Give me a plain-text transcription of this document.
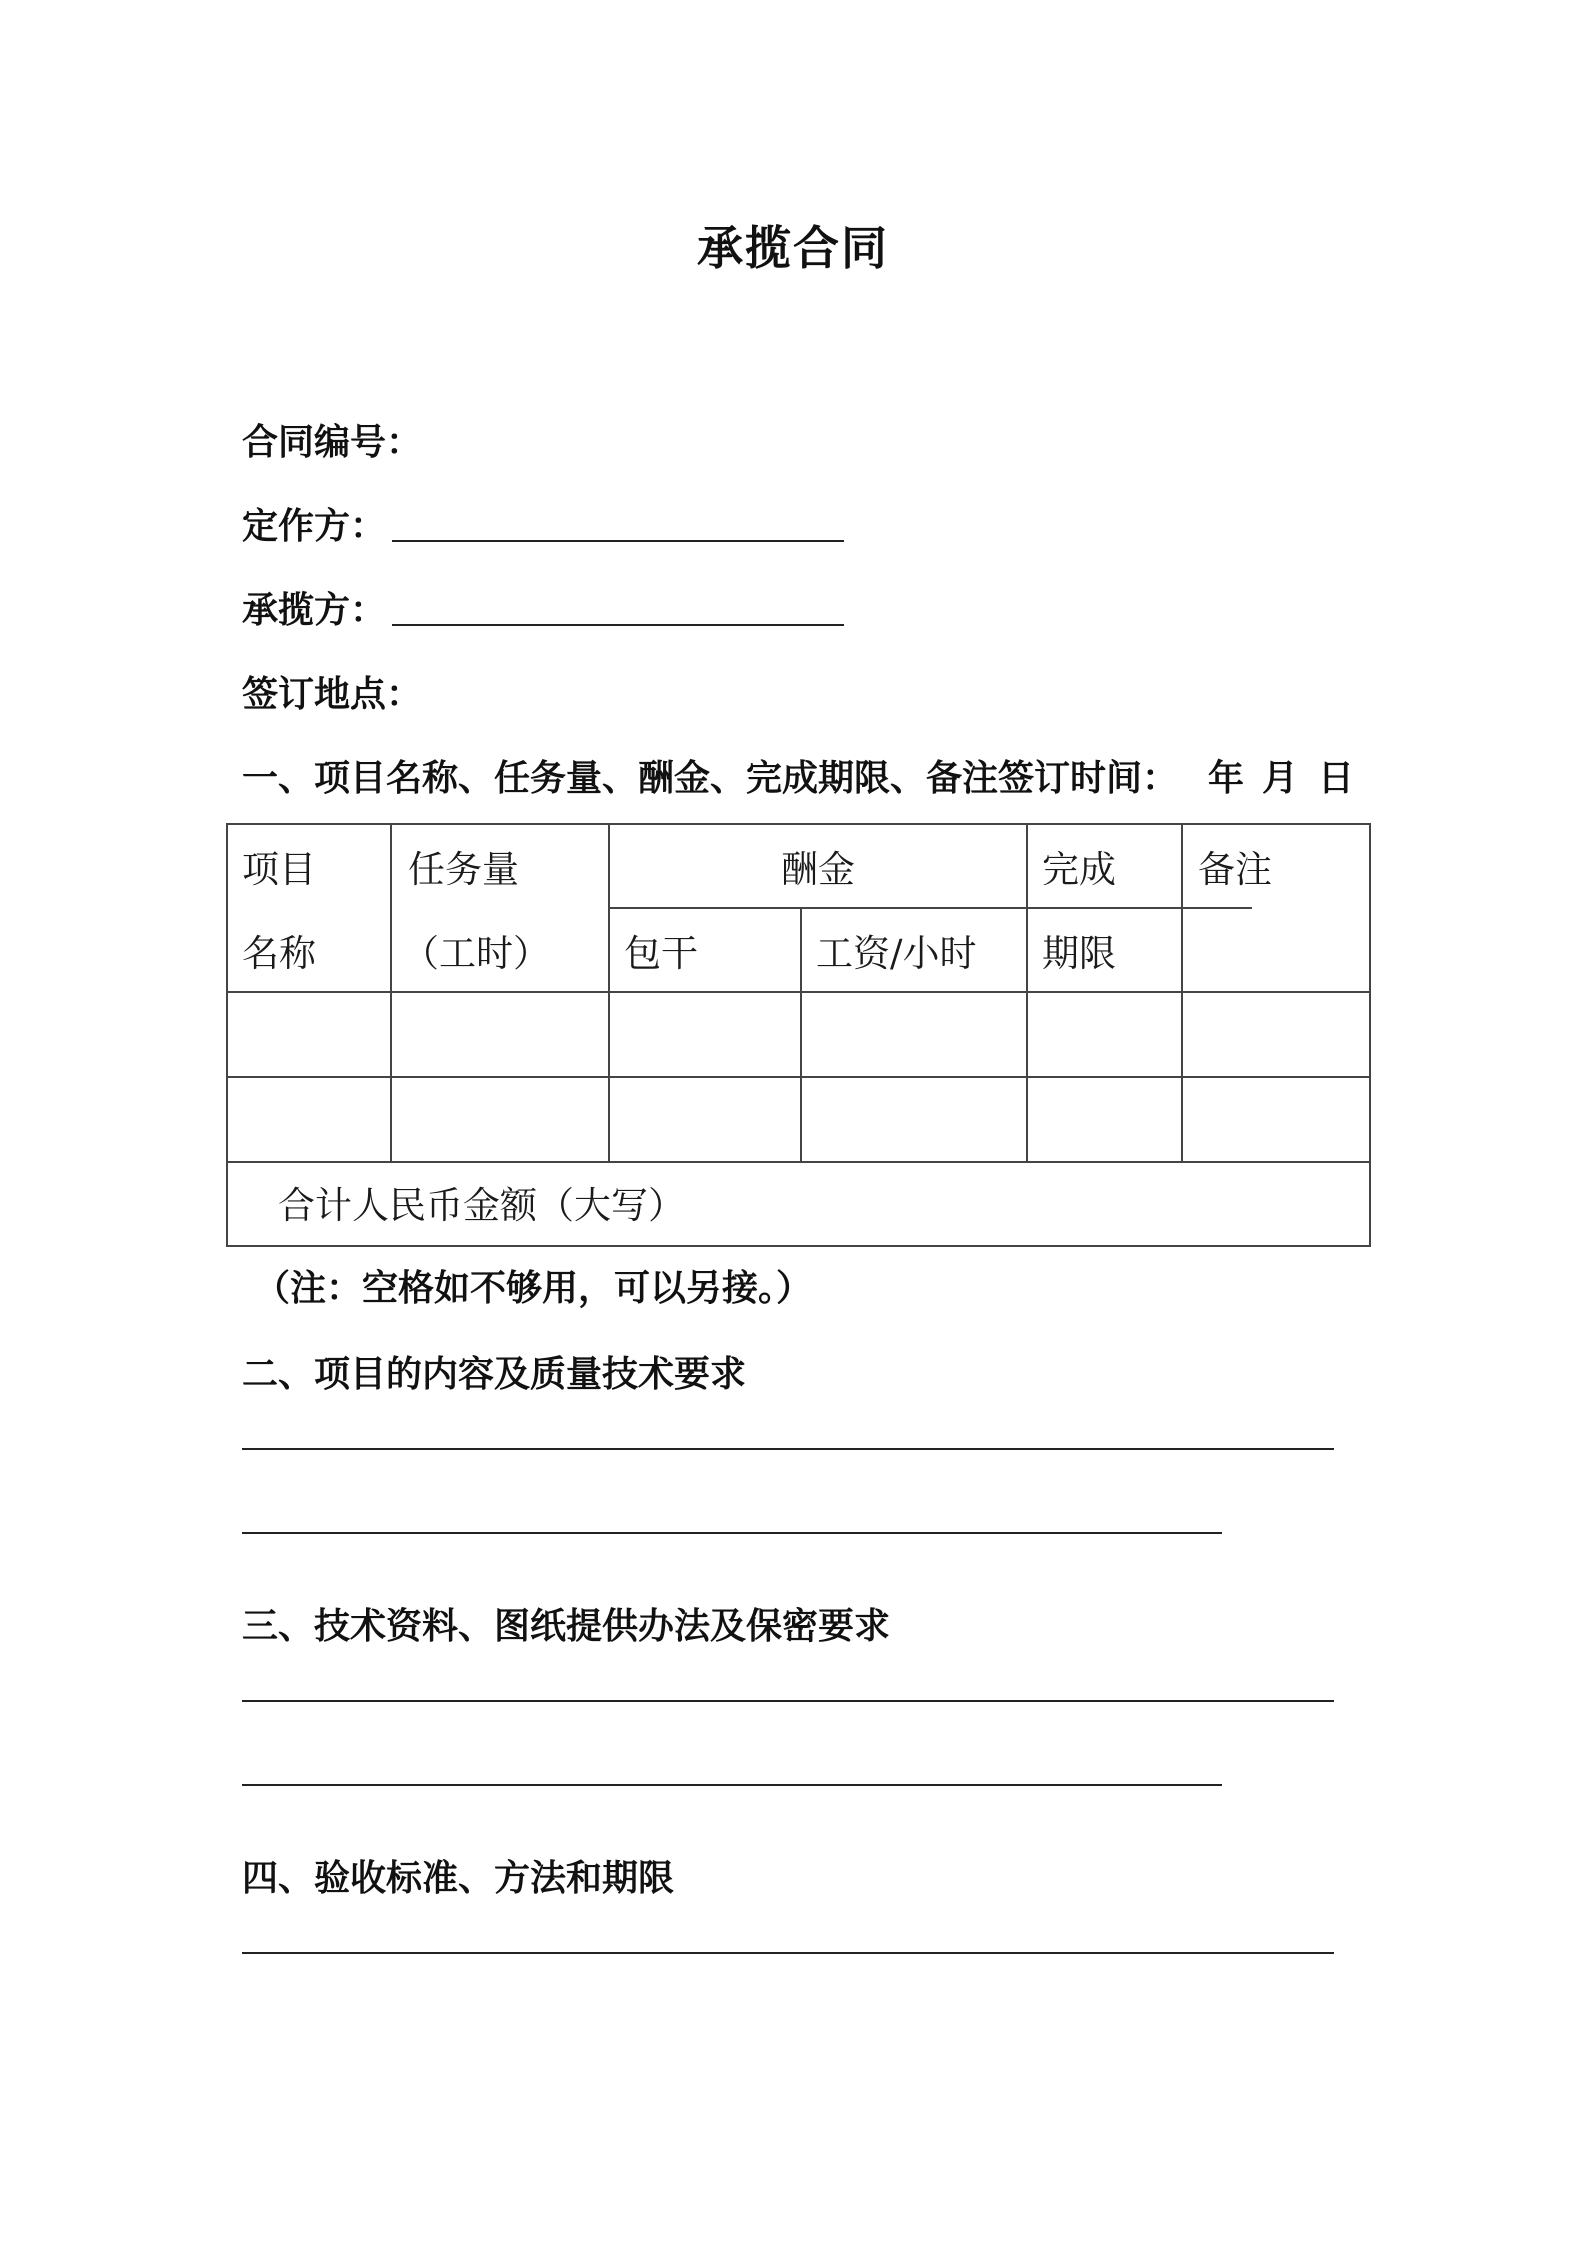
承揽合同
合同编号：
定作方：
承揽方：
签订地点：
一、项目名称、任务量、酬金、完成期限、备注签订时间： 年 月 日
项目
名称
任务量
（工时）
酬金
包干	工资/小时
完成
期限
备注
合计人民币金额（大写）
（注：空格如不够用，可以另接。）
二、项目的内容及质量技术要求
三、技术资料、图纸提供办法及保密要求
四、验收标准、方法和期限
